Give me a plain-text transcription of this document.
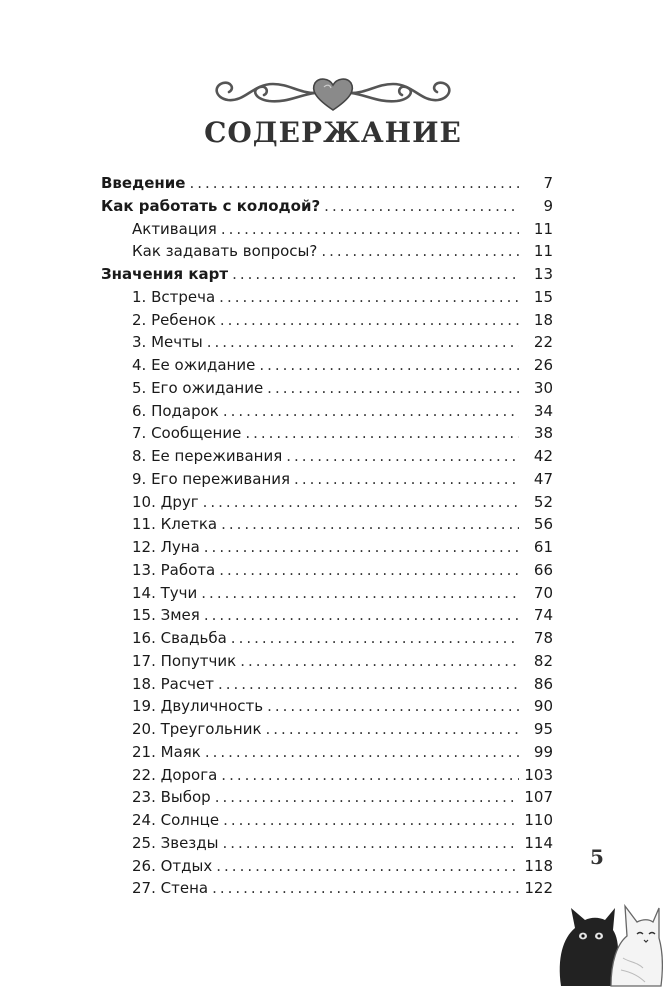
СОДЕРЖАНИЕ
Введение .....	7
Как работать с колодой? .....	9
Активация .....	11
Как задавать вопросы? .....	11
Значения карт .....	13
1. Встреча .....	15
2. Ребенок .....	18
3. Мечты .....	22
4. Ее ожидание .....	26
5. Его ожидание .....	30
6. Подарок .....	34
7. Сообщение .....	38
8. Ее переживания .....	42
9. Его переживания .....	47
10. Друг .....	52
11. Клетка .....	56
12. Луна .....	61
13. Работа .....	66
14. Тучи .....	70
15. Змея .....	74
16. Свадьба .....	78
17. Попутчик .....	82
18. Расчет .....	86
19. Двуличность .....	90
20. Треугольник .....	95
21. Маяк .....	99
22. Дорога .....	103
23. Выбор .....	107
24. Солнце .....	110
25. Звезды .....	114
26. Отдых .....	118
27. Стена .....	122
5
